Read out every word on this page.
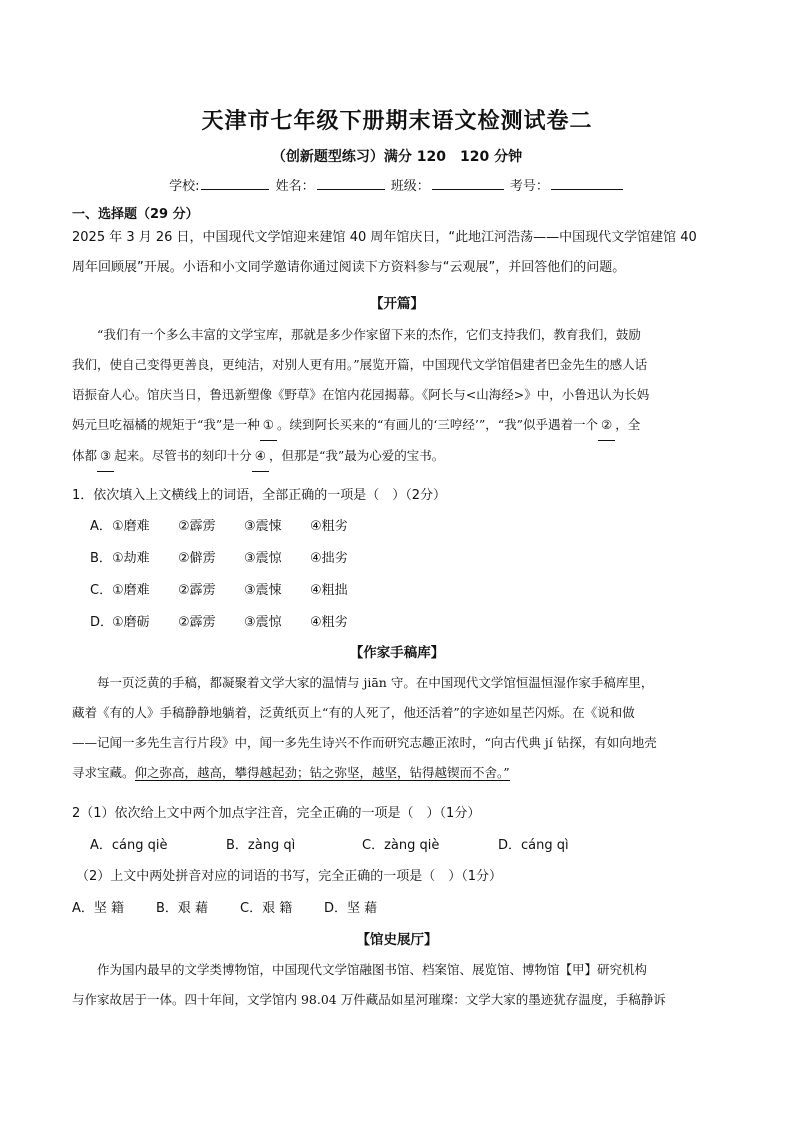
天津市七年级下册期末语文检测试卷二
（创新题型练习）满分 120　120 分钟
学校:	姓名：	班级：	考号：
一、选择题（29 分）
2025 年 3 月 26 日，中国现代文学馆迎来建馆 40 周年馆庆日，“此地江河浩荡——中国现代文学馆建馆 40
周年回顾展”开展。小语和小文同学邀请你通过阅读下方资料参与“云观展”，并回答他们的问题。
【开篇】

“我们有一个多么丰富的文学宝库，那就是多少作家留下来的杰作，它们支持我们，教育我们，鼓励

我们，使自己变得更善良，更纯洁，对别人更有用。”展览开篇，中国现代文学馆倡建者巴金先生的感人话

语振奋人心。馆庆当日，鲁迅新塑像《野草》在馆内花园揭幕。《阿长与<山海经>》中，小鲁迅认为长妈

妈元旦吃福橘的规矩于“我”是一种 ① 。续到阿长买来的“有画儿的‘三哼经’”，“我”似乎遇着一个 ② ，全

体都 ③ 起来。尽管书的刻印十分 ④ ，但那是“我”最为心爱的宝书。

1．依次填入上文横线上的词语，全部正确的一项是（　）（2分）
A．①磨难 ②霹雳 ③震悚 ④粗劣
B．①劫难 ②僻雳 ③震惊 ④拙劣
C．①磨难 ②霹雳 ③震悚 ④粗拙
D．①磨砺 ②霹雳 ③震惊 ④粗劣
【作家手稿库】

每一页泛黄的手稿，都凝聚着文学大家的温情与 jiān 守。在中国现代文学馆恒温恒湿作家手稿库里，

藏着《有的人》手稿静静地躺着，泛黄纸页上“有的人死了，他还活着”的字迹如星芒闪烁。在《说和做

——记闻一多先生言行片段》中，闻一多先生诗兴不作而研究志趣正浓时，“向古代典 jí 钻探，有如向地壳

寻求宝藏。仰之弥高，越高，攀得越起劲；钻之弥坚，越坚，钻得越锲而不舍。”

2（1）依次给上文中两个加点字注音，完全正确的一项是（　）（1分）
A．cáng qiè	B．zàng qì	C．zàng qiè	D．cáng qì
（2）上文中两处拼音对应的词语的书写，完全正确的一项是（　）（1分）
A．坚 籍 B．艰 藉 C．艰 籍 D．坚 藉
【馆史展厅】

作为国内最早的文学类博物馆，中国现代文学馆融图书馆、档案馆、展览馆、博物馆【甲】研究机构

与作家故居于一体。四十年间，文学馆内 98.04 万件藏品如星河璀璨：文学大家的墨迹犹存温度，手稿静诉
